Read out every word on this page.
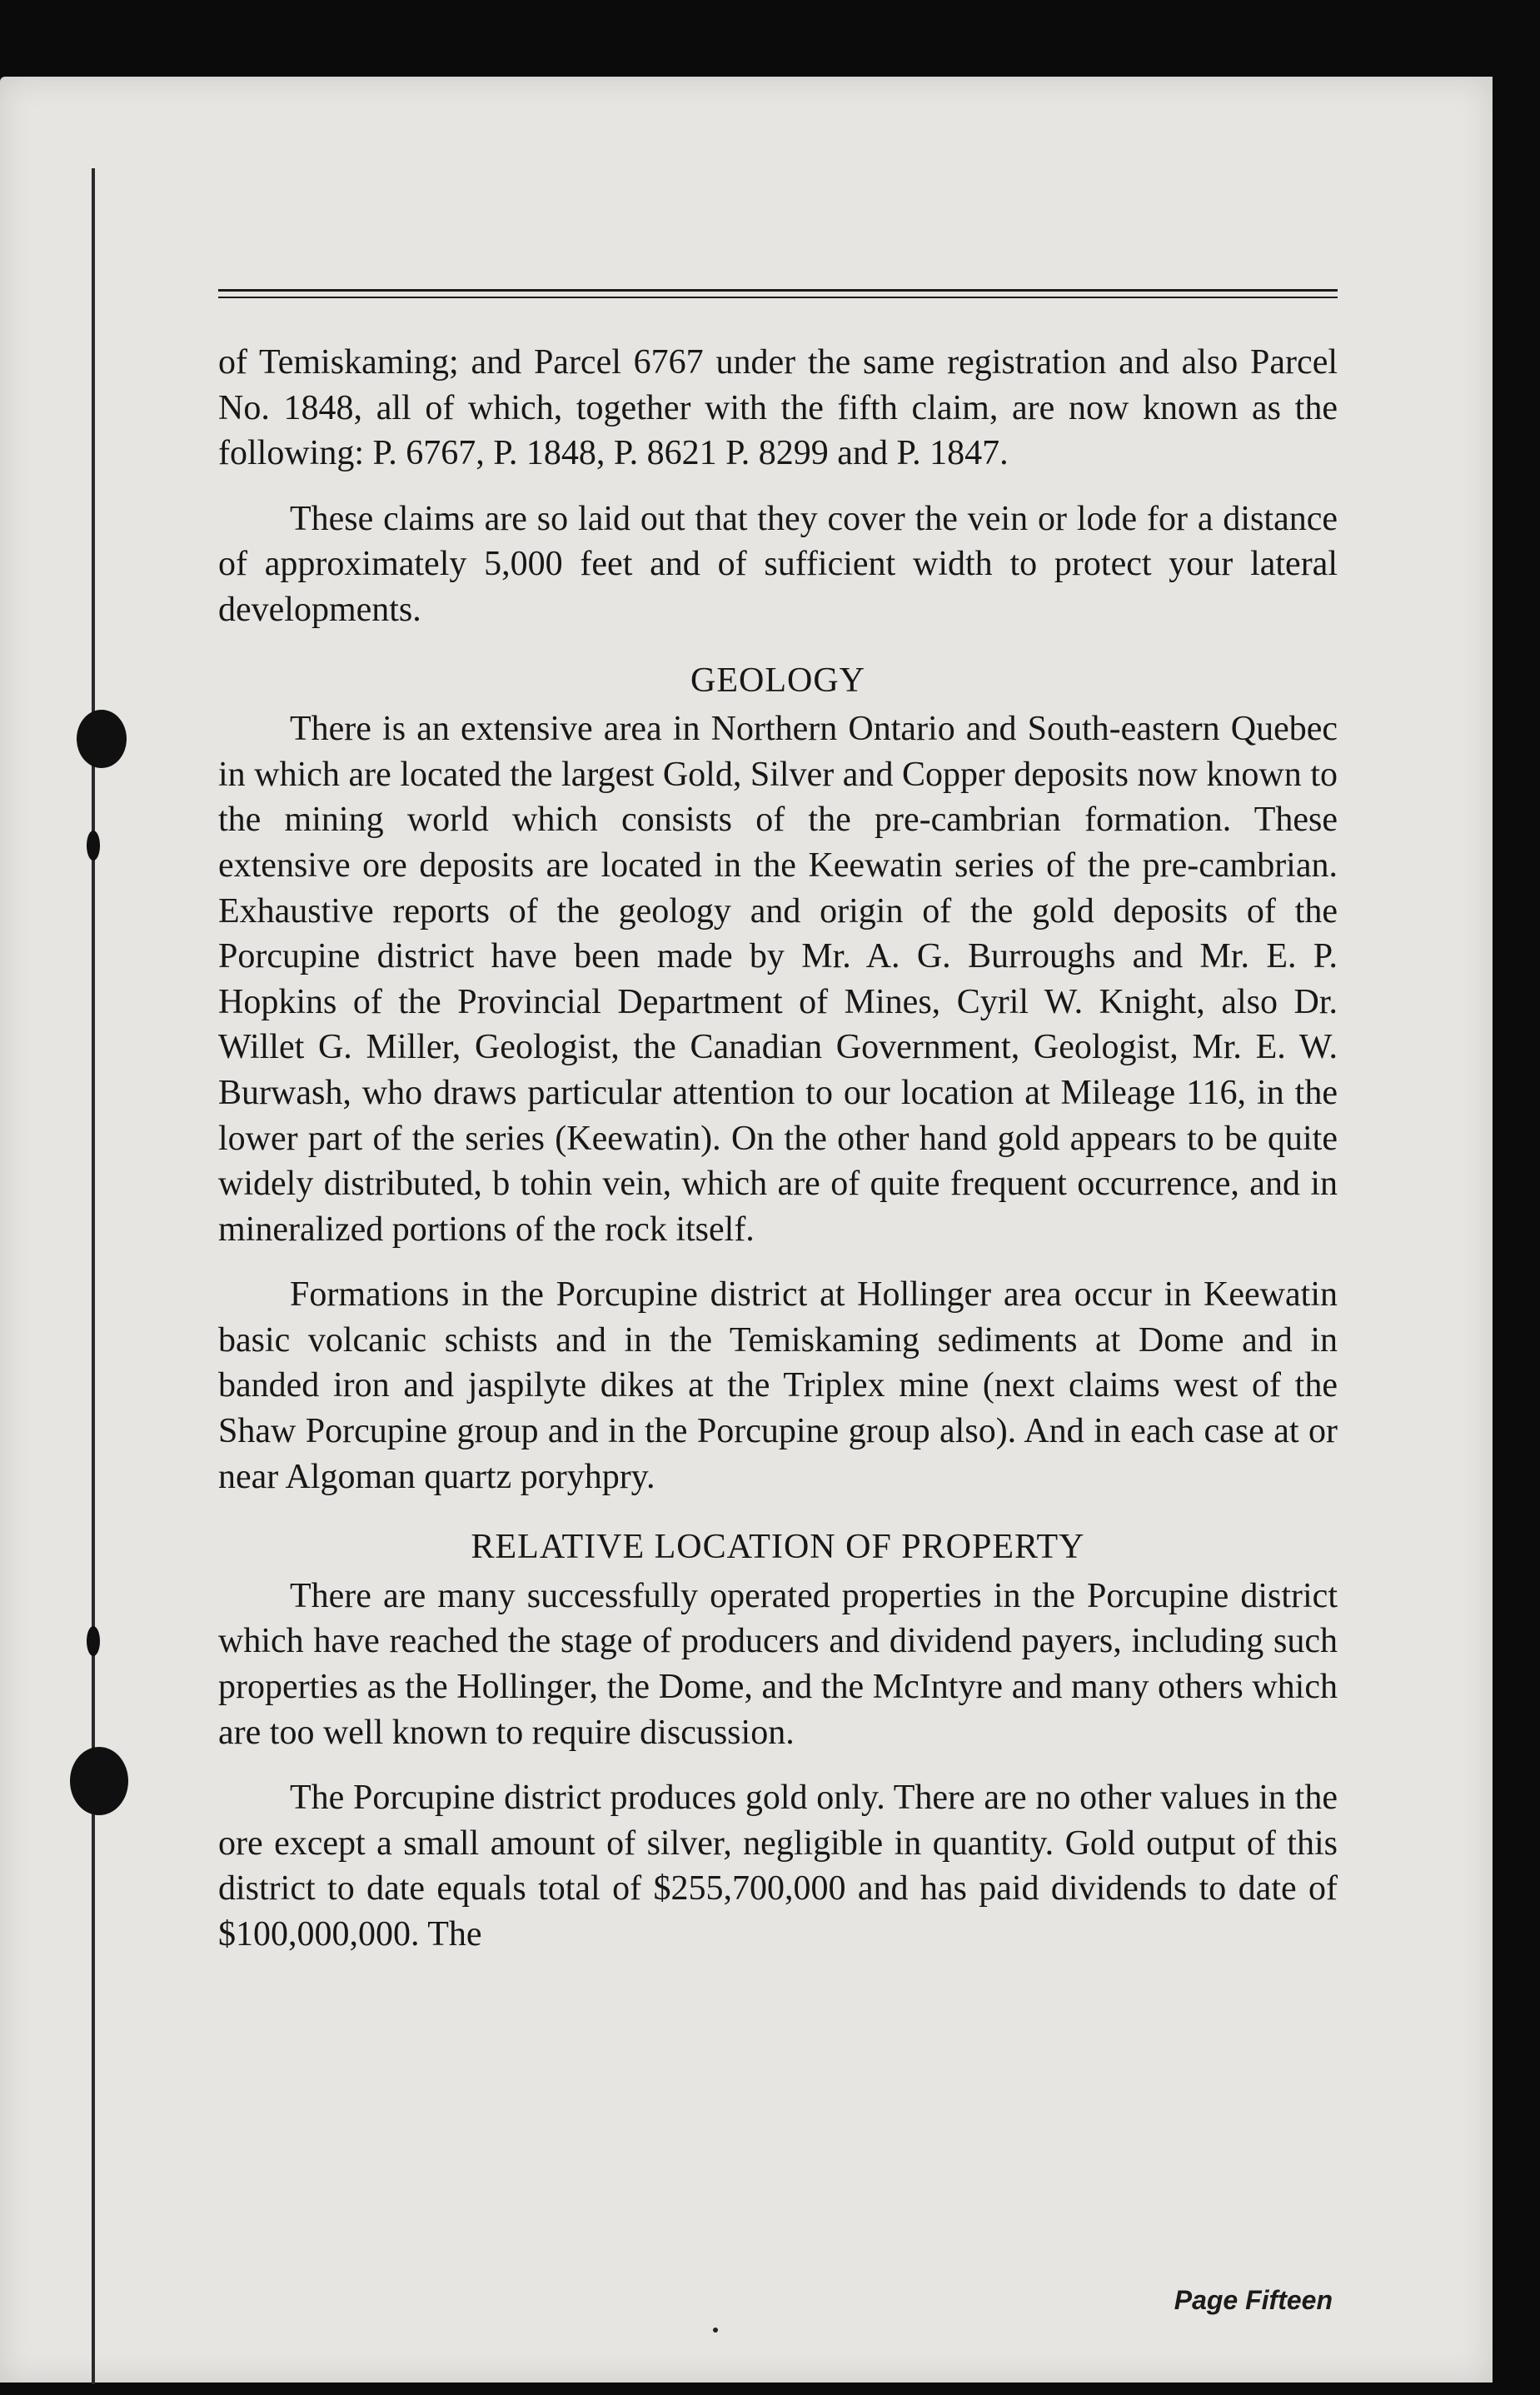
of Temiskaming; and Parcel 6767 under the same registration and also Parcel No. 1848, all of which, together with the fifth claim, are now known as the following: P. 6767, P. 1848, P. 8621 P. 8299 and P. 1847.

These claims are so laid out that they cover the vein or lode for a distance of approximately 5,000 feet and of sufficient width to protect your lateral developments.

GEOLOGY

There is an extensive area in Northern Ontario and South-eastern Quebec in which are located the largest Gold, Silver and Copper deposits now known to the mining world which consists of the pre-cambrian formation. These extensive ore deposits are located in the Keewatin series of the pre-cambrian. Exhaustive reports of the geology and origin of the gold deposits of the Porcupine district have been made by Mr. A. G. Burroughs and Mr. E. P. Hopkins of the Provincial Department of Mines, Cyril W. Knight, also Dr. Willet G. Miller, Geologist, the Canadian Government, Geologist, Mr. E. W. Burwash, who draws particular attention to our location at Mileage 116, in the lower part of the series (Keewatin). On the other hand gold appears to be quite widely distributed, b tohin vein, which are of quite frequent occurrence, and in mineralized portions of the rock itself.

Formations in the Porcupine district at Hollinger area occur in Keewatin basic volcanic schists and in the Temiskaming sediments at Dome and in banded iron and jaspilyte dikes at the Triplex mine (next claims west of the Shaw Porcupine group and in the Porcupine group also). And in each case at or near Algoman quartz poryhpry.

RELATIVE LOCATION OF PROPERTY

There are many successfully operated properties in the Porcupine district which have reached the stage of producers and dividend payers, including such properties as the Hollinger, the Dome, and the McIntyre and many others which are too well known to require discussion.

The Porcupine district produces gold only. There are no other values in the ore except a small amount of silver, negligible in quantity. Gold output of this district to date equals total of $255,700,000 and has paid dividends to date of $100,000,000. The

Page Fifteen
